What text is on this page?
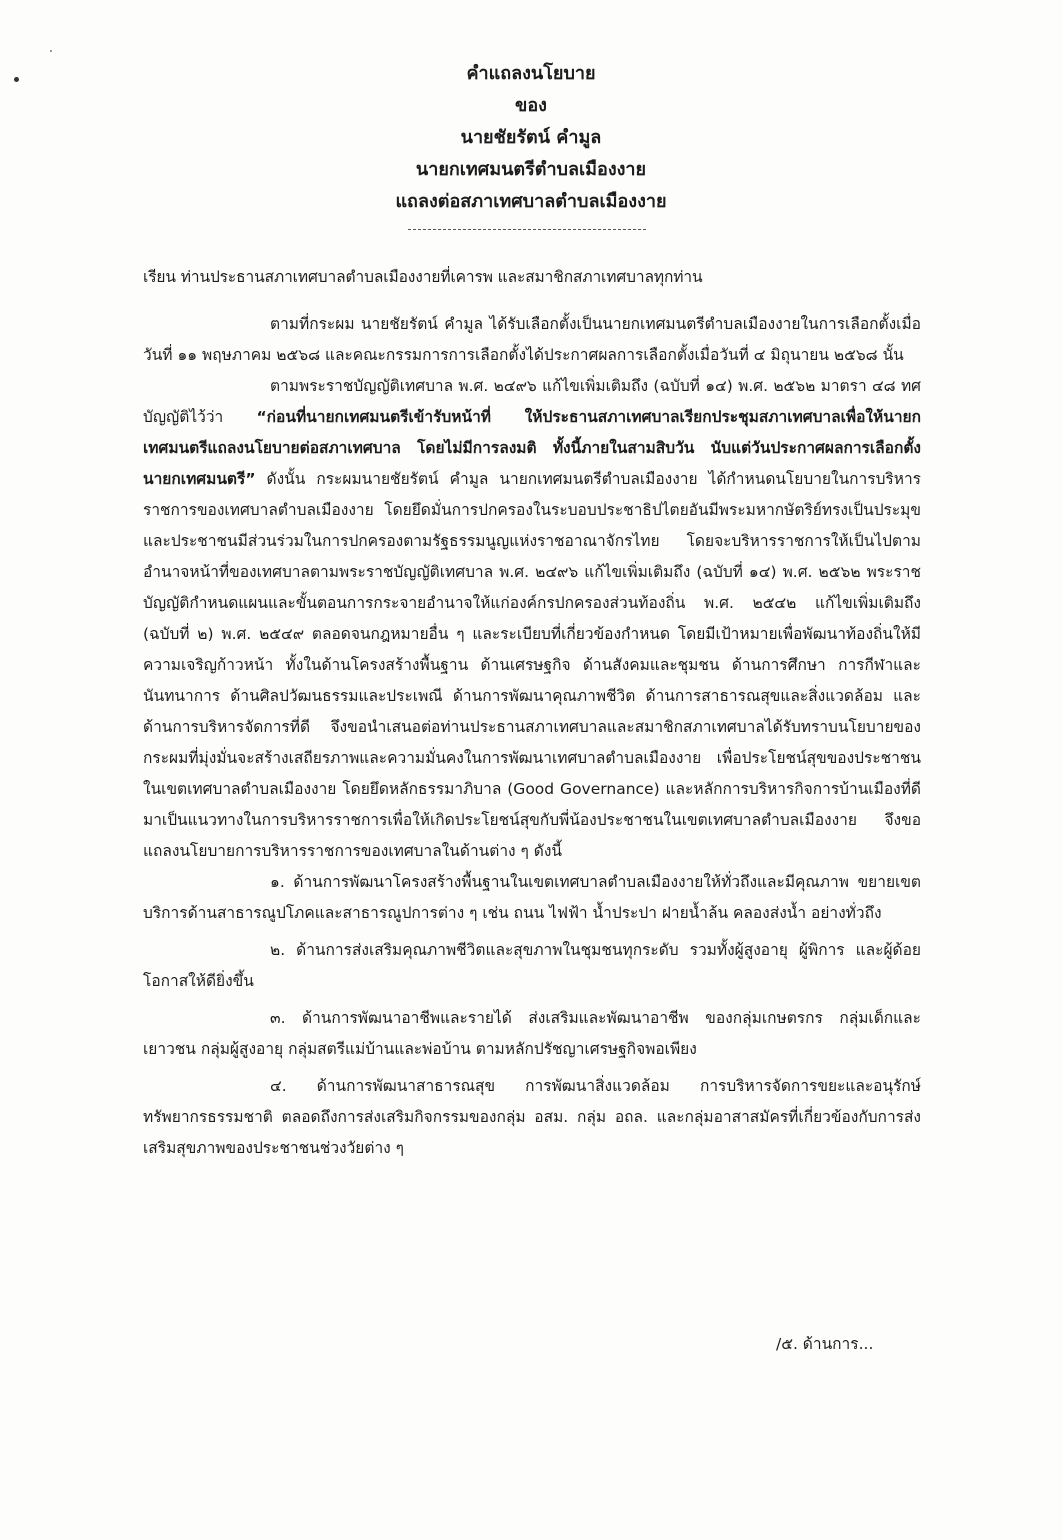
คำแถลงนโยบาย
ของ
นายชัยรัตน์ คำมูล
นายกเทศมนตรีตำบลเมืองงาย
แถลงต่อสภาเทศบาลตำบลเมืองงาย

เรียน ท่านประธานสภาเทศบาลตำบลเมืองงายที่เคารพ และสมาชิกสภาเทศบาลทุกท่าน

ตามที่กระผม นายชัยรัตน์ คำมูล ได้รับเลือกตั้งเป็นนายกเทศมนตรีตำบลเมืองงายในการเลือกตั้งเมื่อวันที่ ๑๑ พฤษภาคม ๒๕๖๘ และคณะกรรมการการเลือกตั้งได้ประกาศผลการเลือกตั้งเมื่อวันที่ ๔ มิถุนายน ๒๕๖๘ นั้น

ตามพระราชบัญญัติเทศบาล พ.ศ. ๒๔๙๖ แก้ไขเพิ่มเติมถึง (ฉบับที่ ๑๔) พ.ศ. ๒๕๖๒ มาตรา ๔๘ ทศ บัญญัติไว้ว่า “ก่อนที่นายกเทศมนตรีเข้ารับหน้าที่ ให้ประธานสภาเทศบาลเรียกประชุมสภาเทศบาลเพื่อให้นายกเทศมนตรีแถลงนโยบายต่อสภาเทศบาล โดยไม่มีการลงมติ ทั้งนี้ภายในสามสิบวัน นับแต่วันประกาศผลการเลือกตั้งนายกเทศมนตรี” ดังนั้น กระผมนายชัยรัตน์ คำมูล นายกเทศมนตรีตำบลเมืองงาย ได้กำหนดนโยบายในการบริหารราชการของเทศบาลตำบลเมืองงาย โดยยึดมั่นการปกครองในระบอบประชาธิปไตยอันมีพระมหากษัตริย์ทรงเป็นประมุข และประชาชนมีส่วนร่วมในการปกครองตามรัฐธรรมนูญแห่งราชอาณาจักรไทย โดยจะบริหารราชการให้เป็นไปตามอำนาจหน้าที่ของเทศบาลตามพระราชบัญญัติเทศบาล พ.ศ. ๒๔๙๖ แก้ไขเพิ่มเติมถึง (ฉบับที่ ๑๔) พ.ศ. ๒๕๖๒ พระราชบัญญัติกำหนดแผนและขั้นตอนการกระจายอำนาจให้แก่องค์กรปกครองส่วนท้องถิ่น พ.ศ. ๒๕๔๒ แก้ไขเพิ่มเติมถึง (ฉบับที่ ๒) พ.ศ. ๒๕๔๙ ตลอดจนกฎหมายอื่น ๆ และระเบียบที่เกี่ยวข้องกำหนด โดยมีเป้าหมายเพื่อพัฒนาท้องถิ่นให้มีความเจริญก้าวหน้า ทั้งในด้านโครงสร้างพื้นฐาน ด้านเศรษฐกิจ ด้านสังคมและชุมชน ด้านการศึกษา การกีฬาและนันทนาการ ด้านศิลปวัฒนธรรมและประเพณี ด้านการพัฒนาคุณภาพชีวิต ด้านการสาธารณสุขและสิ่งแวดล้อม และด้านการบริหารจัดการที่ดี จึงขอนำเสนอต่อท่านประธานสภาเทศบาลและสมาชิกสภาเทศบาลได้รับทราบนโยบายของกระผมที่มุ่งมั่นจะสร้างเสถียรภาพและความมั่นคงในการพัฒนาเทศบาลตำบลเมืองงาย เพื่อประโยชน์สุขของประชาชนในเขตเทศบาลตำบลเมืองงาย โดยยึดหลักธรรมาภิบาล (Good Governance) และหลักการบริหารกิจการบ้านเมืองที่ดีมาเป็นแนวทางในการบริหารราชการเพื่อให้เกิดประโยชน์สุขกับพี่น้องประชาชนในเขตเทศบาลตำบลเมืองงาย จึงขอแถลงนโยบายการบริหารราชการของเทศบาลในด้านต่าง ๆ ดังนี้

๑. ด้านการพัฒนาโครงสร้างพื้นฐานในเขตเทศบาลตำบลเมืองงายให้ทั่วถึงและมีคุณภาพ ขยายเขตบริการด้านสาธารณูปโภคและสาธารณูปการต่าง ๆ เช่น ถนน ไฟฟ้า น้ำประปา ฝายน้ำล้น คลองส่งน้ำ อย่างทั่วถึง

๒. ด้านการส่งเสริมคุณภาพชีวิตและสุขภาพในชุมชนทุกระดับ รวมทั้งผู้สูงอายุ ผู้พิการ และผู้ด้อยโอกาสให้ดียิ่งขึ้น

๓. ด้านการพัฒนาอาชีพและรายได้ ส่งเสริมและพัฒนาอาชีพ ของกลุ่มเกษตรกร กลุ่มเด็กและเยาวชน กลุ่มผู้สูงอายุ กลุ่มสตรีแม่บ้านและพ่อบ้าน ตามหลักปรัชญาเศรษฐกิจพอเพียง

๔. ด้านการพัฒนาสาธารณสุข การพัฒนาสิ่งแวดล้อม การบริหารจัดการขยะและอนุรักษ์ทรัพยากรธรรมชาติ ตลอดถึงการส่งเสริมกิจกรรมของกลุ่ม อสม. กลุ่ม อถล. และกลุ่มอาสาสมัครที่เกี่ยวข้องกับการส่งเสริมสุขภาพของประชาชนช่วงวัยต่าง ๆ

/๕. ด้านการ...
